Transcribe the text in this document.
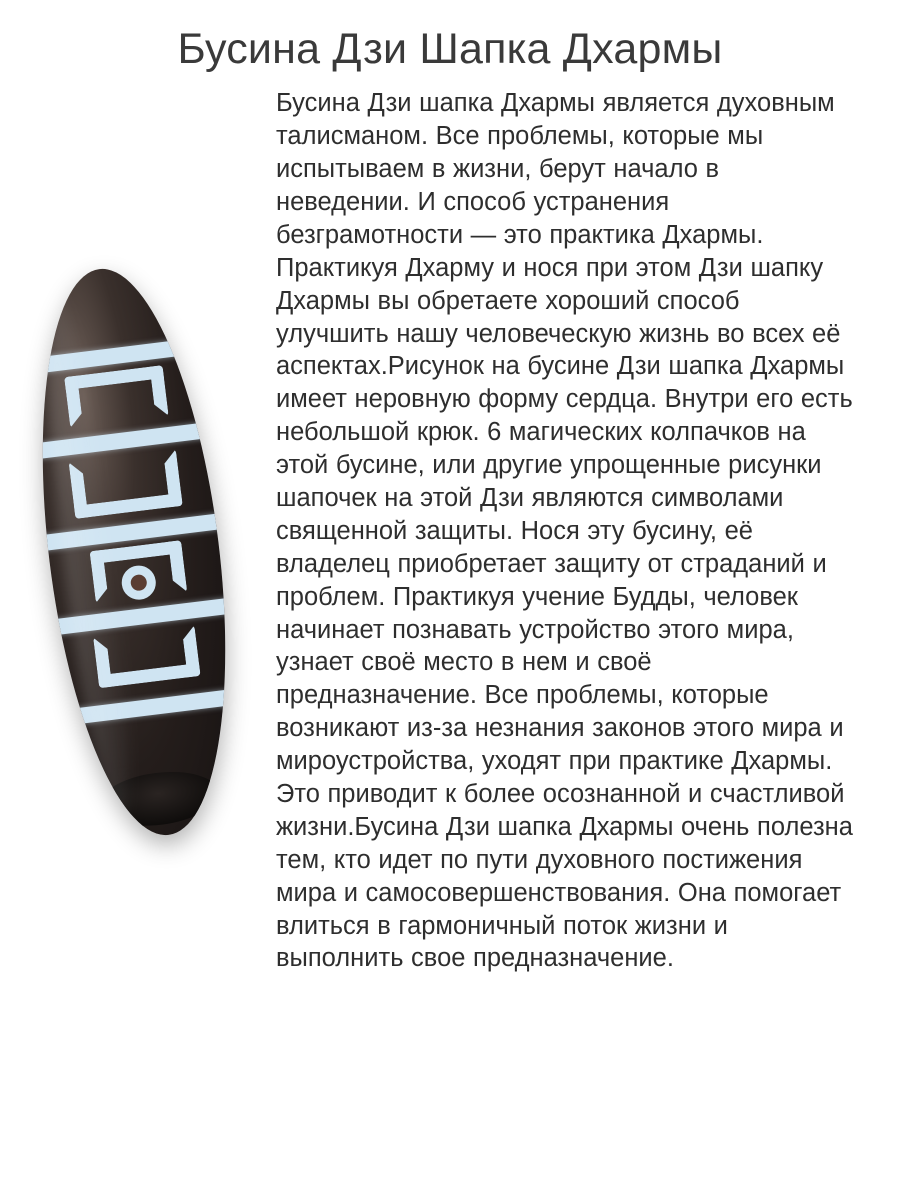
Бусина Дзи Шапка Дхармы

Бусина Дзи шапка Дхармы является духовным талисманом. Все проблемы, которые мы испытываем в жизни, берут начало в неведении. И способ устранения безграмотности — это практика Дхармы. Практикуя Дхарму и нося при этом Дзи шапку Дхармы вы обретаете хороший способ улучшить нашу человеческую жизнь во всех её аспектах.Рисунок на бусине Дзи шапка Дхармы имеет неровную форму сердца. Внутри его есть небольшой крюк. 6 магических колпачков на этой бусине, или другие упрощенные рисунки шапочек на этой Дзи являются символами священной защиты. Нося эту бусину, её владелец приобретает защиту от страданий и проблем. Практикуя учение Будды, человек начинает познавать устройство этого мира, узнает своё место в нем и своё предназначение. Все проблемы, которые возникают из-за незнания законов этого мира и мироустройства, уходят при практике Дхармы. Это приводит к более осознанной и счастливой жизни.Бусина Дзи шапка Дхармы очень полезна тем, кто идет по пути духовного постижения мира и самосовершенствования. Она помогает влиться в гармоничный поток жизни и выполнить свое предназначение.
